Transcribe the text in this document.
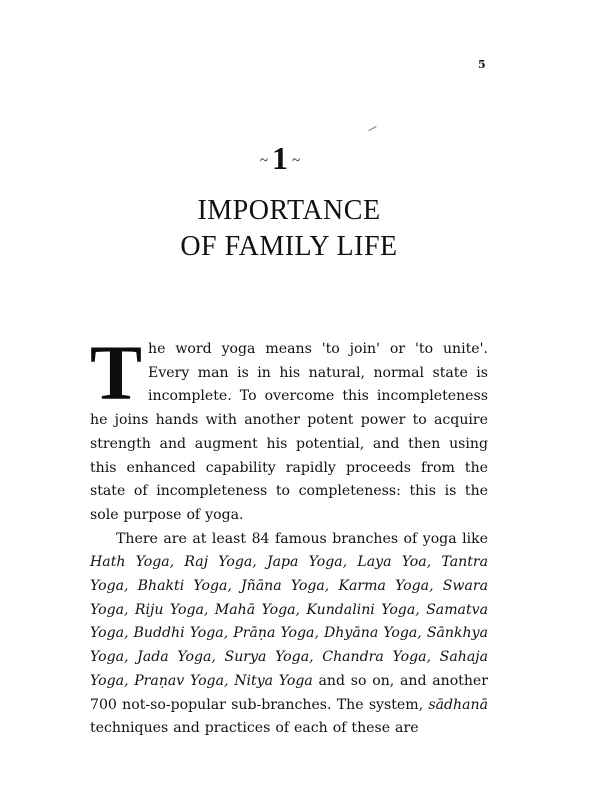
5
~ 1 ~
IMPORTANCE
OF FAMILY LIFE

The word yoga means 'to join' or 'to unite'. Every man is in his natural, normal state is incomplete. To overcome this incompleteness he joins hands with another potent power to acquire strength and augment his potential, and then using this enhanced capability rapidly proceeds from the state of incompleteness to completeness: this is the sole purpose of yoga.

There are at least 84 famous branches of yoga like Hath Yoga, Raj Yoga, Japa Yoga, Laya Yoa, Tantra Yoga, Bhakti Yoga, Jñāna Yoga, Karma Yoga, Swara Yoga, Riju Yoga, Mahā Yoga, Kundalini Yoga, Samatva Yoga, Buddhi Yoga, Prāṇa Yoga, Dhyāna Yoga, Sānkhya Yoga, Jada Yoga, Surya Yoga, Chandra Yoga, Sahaja Yoga, Praṇav Yoga, Nitya Yoga and so on, and another 700 not-so-popular sub-branches. The system, sādhanā techniques and practices of each of these are
